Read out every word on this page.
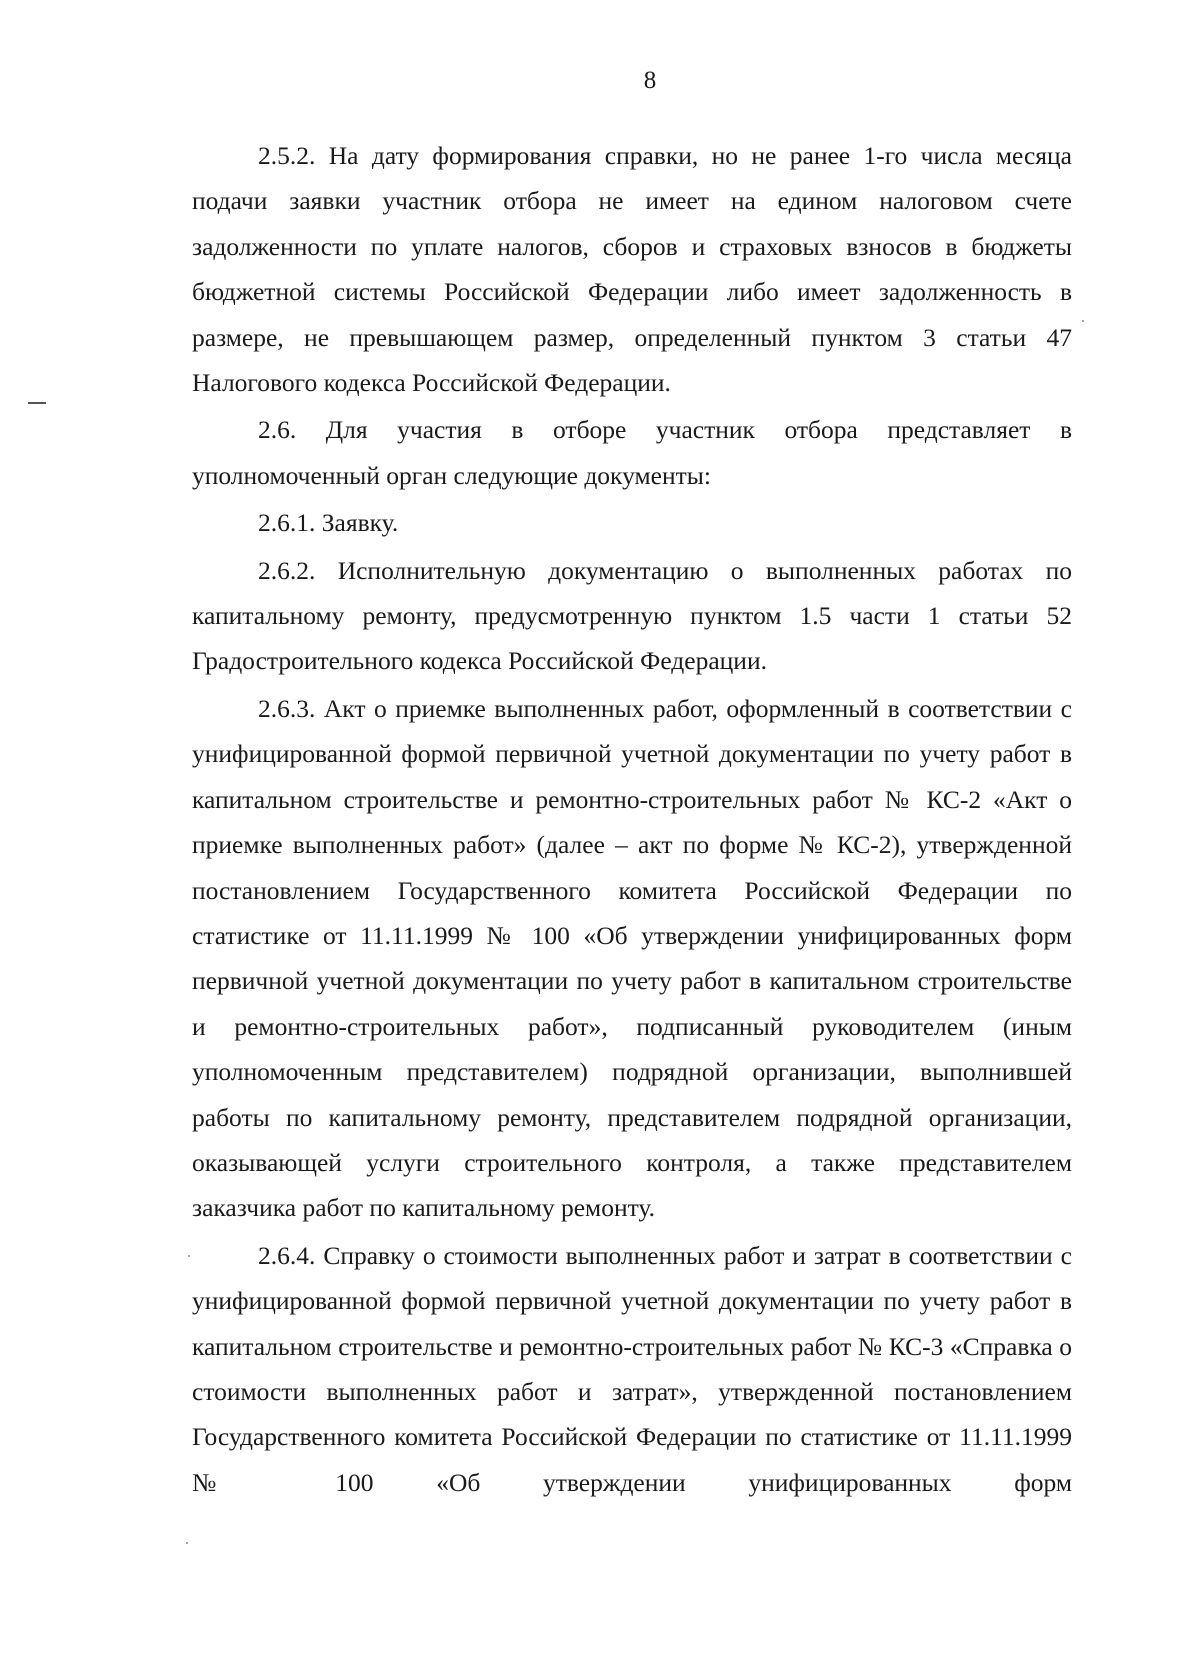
8

2.5.2. На дату формирования справки, но не ранее 1-го числа месяца подачи заявки участник отбора не имеет на едином налоговом счете задолженности по уплате налогов, сборов и страховых взносов в бюджеты бюджетной системы Российской Федерации либо имеет задолженность в размере, не превышающем размер, определенный пунктом 3 статьи 47 Налогового кодекса Российской Федерации.

2.6. Для участия в отборе участник отбора представляет в уполномоченный орган следующие документы:

2.6.1. Заявку.

2.6.2. Исполнительную документацию о выполненных работах по капитальному ремонту, предусмотренную пунктом 1.5 части 1 статьи 52 Градостроительного кодекса Российской Федерации.

2.6.3. Акт о приемке выполненных работ, оформленный в соответствии с унифицированной формой первичной учетной документации по учету работ в капитальном строительстве и ремонтно-строительных работ № КС-2 «Акт о приемке выполненных работ» (далее – акт по форме № КС-2), утвержденной постановлением Государственного комитета Российской Федерации по статистике от 11.11.1999 № 100 «Об утверждении унифицированных форм первичной учетной документации по учету работ в капитальном строительстве и ремонтно-строительных работ», подписанный руководителем (иным уполномоченным представителем) подрядной организации, выполнившей работы по капитальному ремонту, представителем подрядной организации, оказывающей услуги строительного контроля, а также представителем заказчика работ по капитальному ремонту.

2.6.4. Справку о стоимости выполненных работ и затрат в соответствии с унифицированной формой первичной учетной документации по учету работ в капитальном строительстве и ремонтно-строительных работ № КС-3 «Справка о стоимости выполненных работ и затрат», утвержденной постановлением Государственного комитета Российской Федерации по статистике от 11.11.1999 № 100 «Об утверждении унифицированных форм
